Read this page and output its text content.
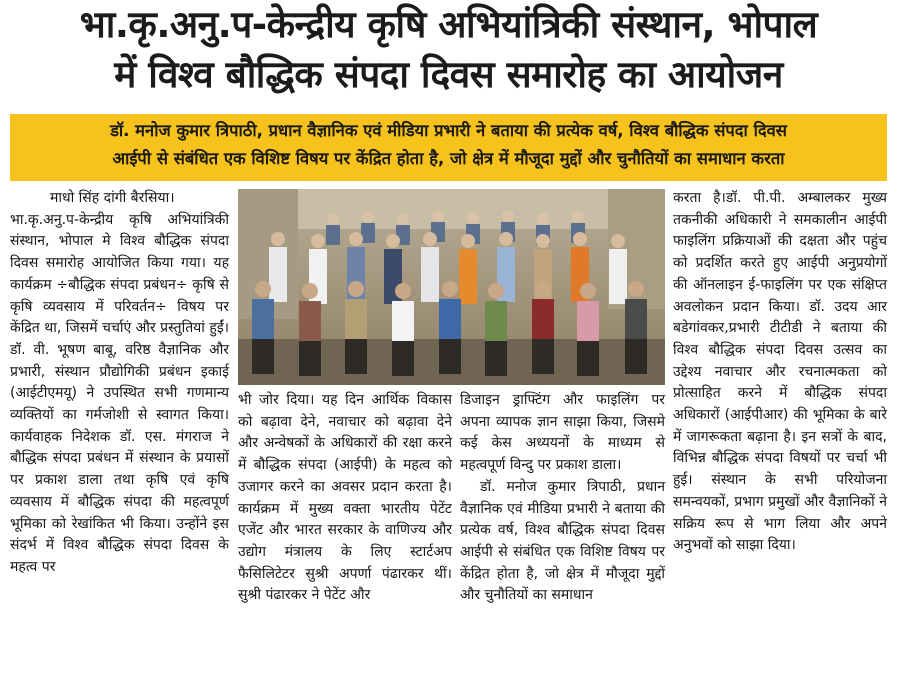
भा.कृ.अनु.प-केन्द्रीय कृषि अभियांत्रिकी संस्थान, भोपाल
में विश्व बौद्धिक संपदा दिवस समारोह का आयोजन
डॉ. मनोज कुमार त्रिपाठी, प्रधान वैज्ञानिक एवं मीडिया प्रभारी ने बताया की प्रत्येक वर्ष, विश्व बौद्धिक संपदा दिवस
आईपी से संबंधित एक विशिष्ट विषय पर केंद्रित होता है, जो क्षेत्र में मौजूदा मुद्दों और चुनौतियों का समाधान करता

माधो सिंह दांगी बैरसिया।

भा.कृ.अनु.प-केन्द्रीय कृषि अभियांत्रिकी संस्थान, भोपाल मे विश्व बौद्धिक संपदा दिवस समारोह आयोजित किया गया। यह कार्यक्रम ÷बौद्धिक संपदा प्रबंधन÷ कृषि से कृषि व्यवसाय में परिवर्तन÷ विषय पर केंद्रित था, जिसमें चर्चाएं और प्रस्तुतियां हुईं। डॉ. वी. भूषण बाबू, वरिष्ठ वैज्ञानिक और प्रभारी, संस्थान प्रौद्योगिकी प्रबंधन इकाई (आईटीएमयू) ने उपस्थित सभी गणमान्य व्यक्तियों का गर्मजोशी से स्वागत किया। कार्यवाहक निदेशक डॉ. एस. मंगराज ने बौद्धिक संपदा प्रबंधन में संस्थान के प्रयासों पर प्रकाश डाला तथा कृषि एवं कृषि व्यवसाय में बौद्धिक संपदा की महत्वपूर्ण भूमिका को रेखांकित भी किया। उन्होंने इस संदर्भ में विश्व बौद्धिक संपदा दिवस के महत्व पर

भी जोर दिया। यह दिन आर्थिक विकास को बढ़ावा देने, नवाचार को बढ़ावा देने और अन्वेषकों के अधिकारों की रक्षा करने में बौद्धिक संपदा (आईपी) के महत्व को उजागर करने का अवसर प्रदान करता है। कार्यक्रम में मुख्य वक्ता भारतीय पेटेंट एजेंट और भारत सरकार के वाणिज्य और उद्योग मंत्रालय के लिए स्टार्टअप फैसिलिटेटर सुश्री अपर्णा पंढारकर थीं। सुश्री पंढारकर ने पेटेंट और

डिजाइन ड्राफ्टिंग और फाइलिंग पर अपना व्यापक ज्ञान साझा किया, जिसमे कई केस अध्ययनों के माध्यम से महत्वपूर्ण विन्दु पर प्रकाश डाला।

डॉ. मनोज कुमार त्रिपाठी, प्रधान वैज्ञानिक एवं मीडिया प्रभारी ने बताया की प्रत्येक वर्ष, विश्व बौद्धिक संपदा दिवस आईपी से संबंधित एक विशिष्ट विषय पर केंद्रित होता है, जो क्षेत्र में मौजूदा मुद्दों और चुनौतियों का समाधान

करता है।डॉ. पी.पी. अम्बालकर मुख्य तकनीकी अधिकारी ने समकालीन आईपी फाइलिंग प्रक्रियाओं की दक्षता और पहुंच को प्रदर्शित करते हुए आईपी अनुप्रयोगों की ऑनलाइन ई-फाइलिंग पर एक संक्षिप्त अवलोकन प्रदान किया। डॉ. उदय आर बडेगांवकर,प्रभारी टीटीडी ने बताया की विश्व बौद्धिक संपदा दिवस उत्सव का उद्देश्य नवाचार और रचनात्मकता को प्रोत्साहित करने में बौद्धिक संपदा अधिकारों (आईपीआर) की भूमिका के बारे में जागरूकता बढ़ाना है। इन सत्रों के बाद, विभिन्न बौद्धिक संपदा विषयों पर चर्चा भी हुई। संस्थान के सभी परियोजना समन्वयकों, प्रभाग प्रमुखों और वैज्ञानिकों ने सक्रिय रूप से भाग लिया और अपने अनुभवों को साझा दिया।
